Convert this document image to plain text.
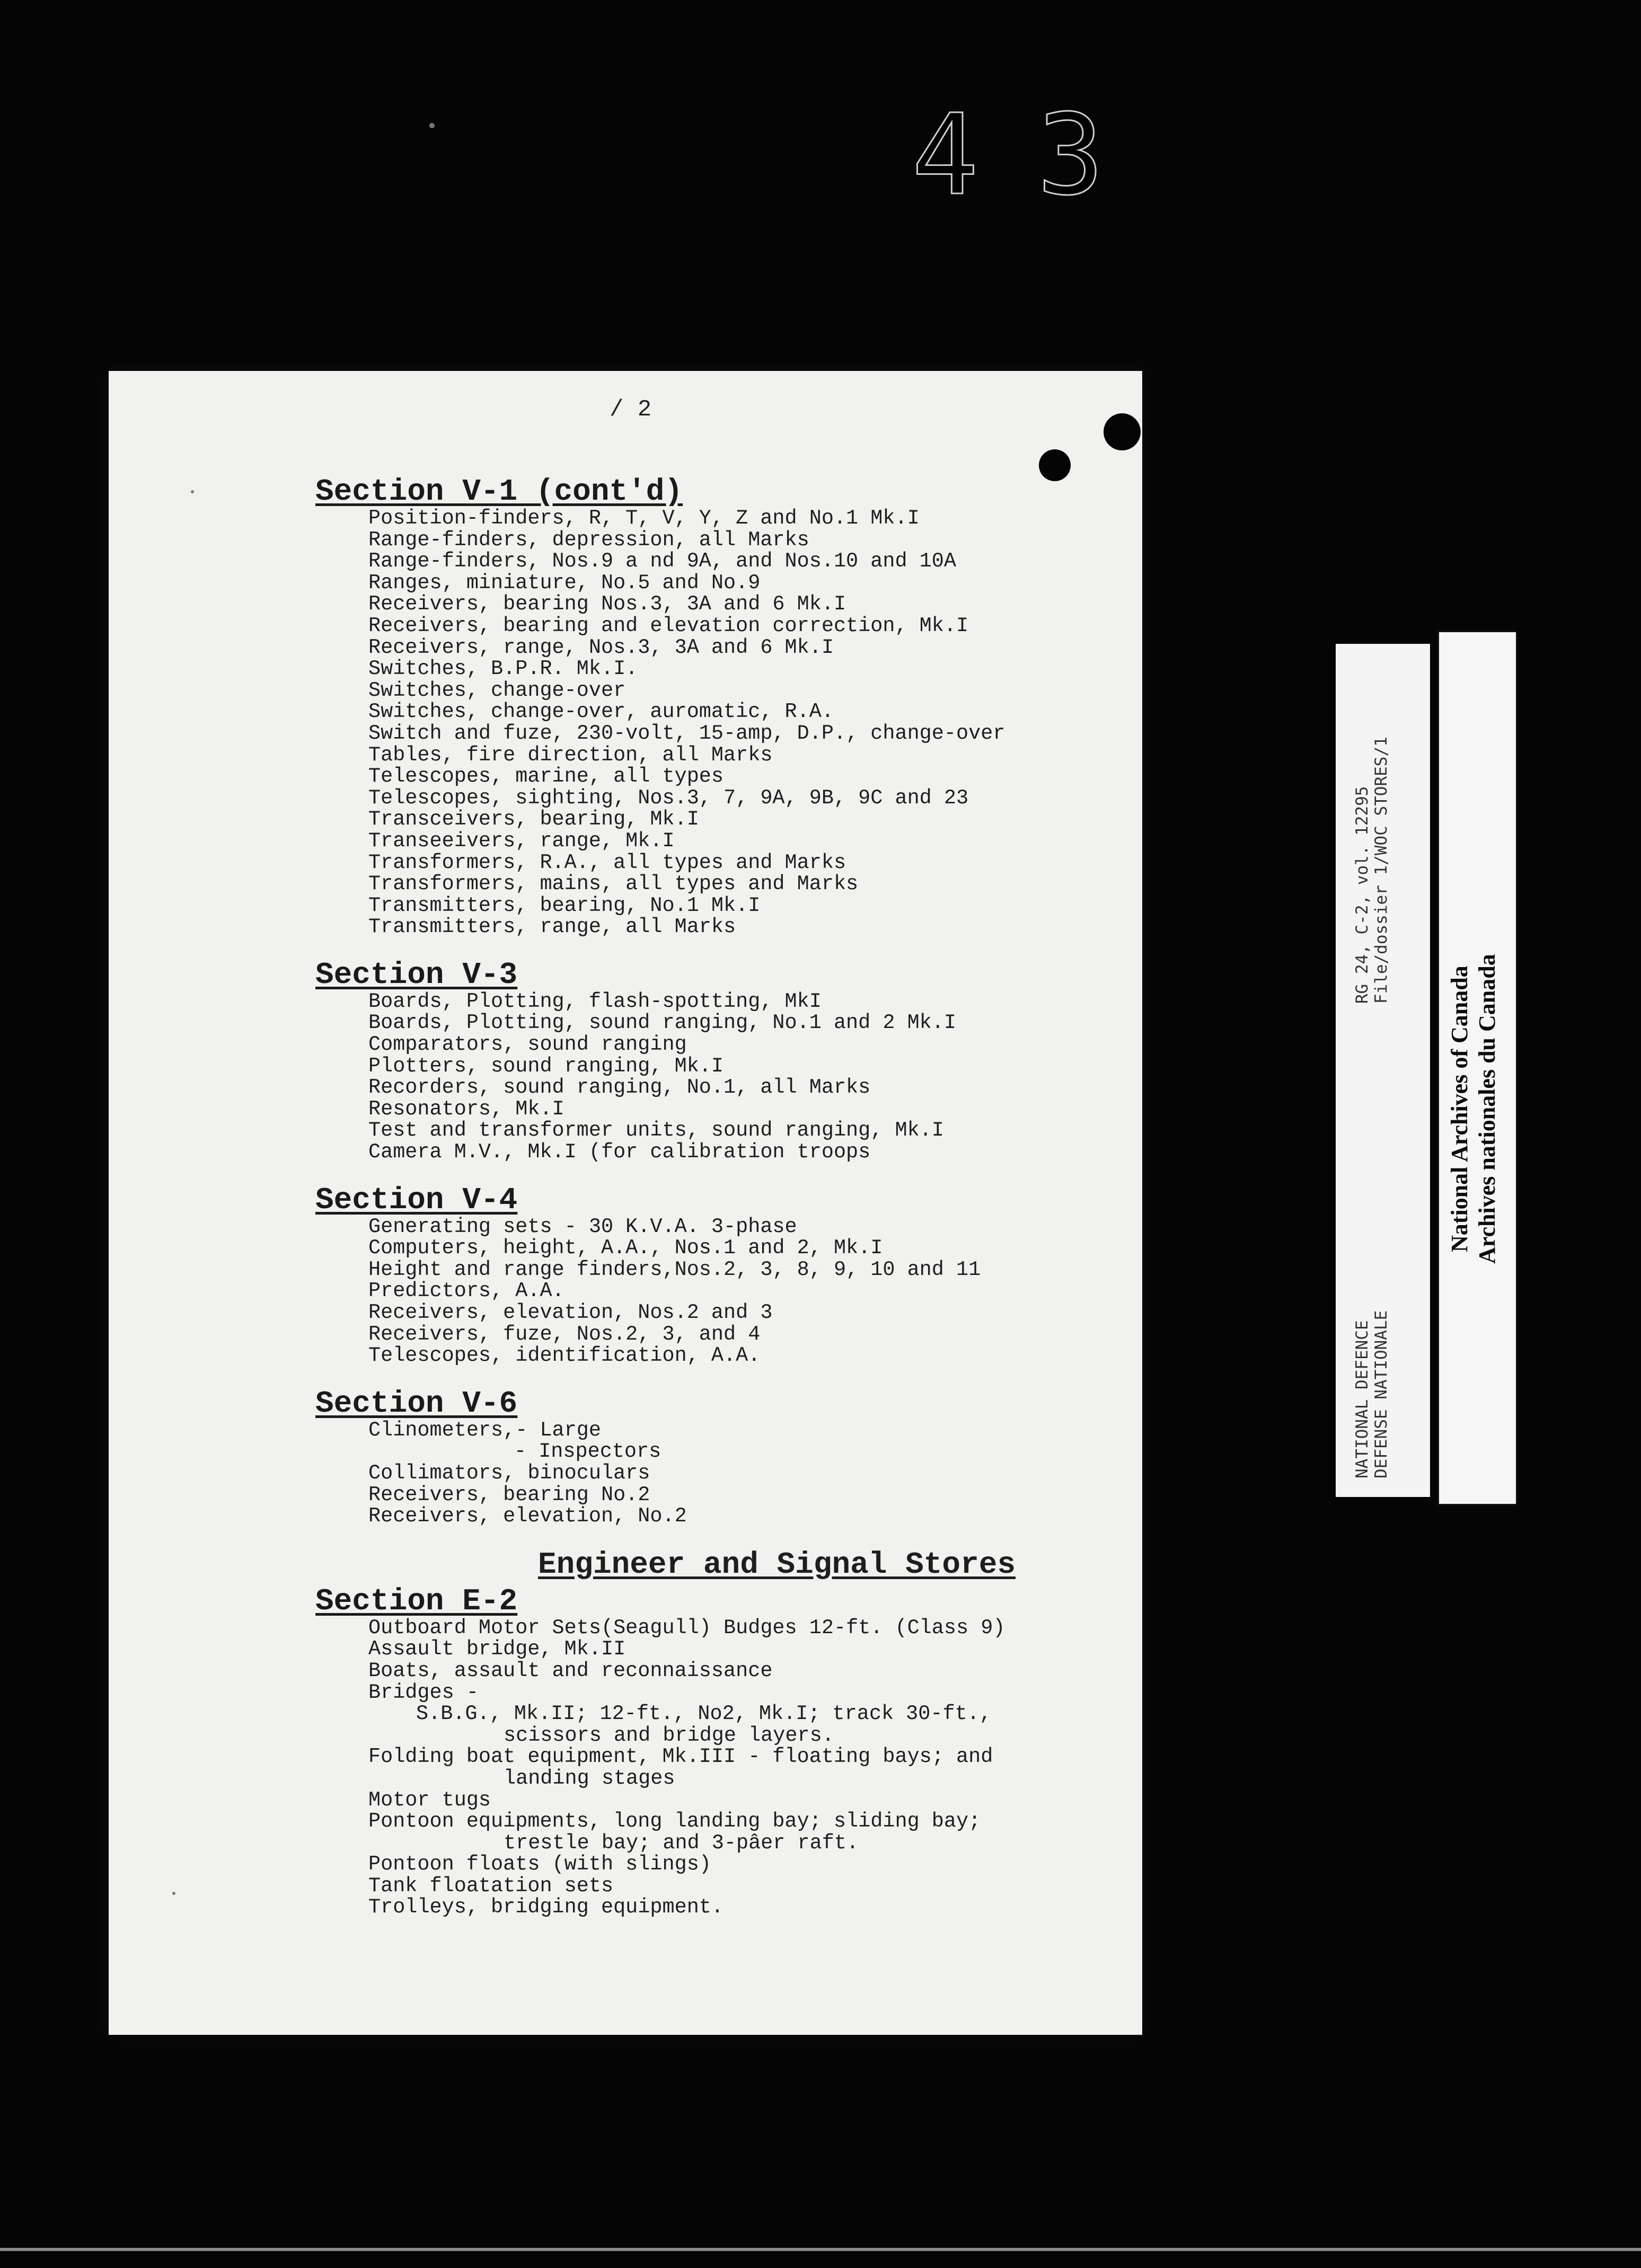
43
/ 2
Section V-1 (cont'd)
Position-finders, R, T, V, Y, Z and No.1 Mk.I
Range-finders, depression, all Marks
Range-finders, Nos.9 a nd 9A, and Nos.10 and 10A
Ranges, miniature, No.5 and No.9
Receivers, bearing Nos.3, 3A and 6 Mk.I
Receivers, bearing and elevation correction, Mk.I
Receivers, range, Nos.3, 3A and 6 Mk.I
Switches, B.P.R. Mk.I.
Switches, change-over
Switches, change-over, auromatic, R.A.
Switch and fuze, 230-volt, 15-amp, D.P., change-over
Tables, fire direction, all Marks
Telescopes, marine, all types
Telescopes, sighting, Nos.3, 7, 9A, 9B, 9C and 23
Transceivers, bearing, Mk.I
Transeeivers, range, Mk.I
Transformers, R.A., all types and Marks
Transformers, mains, all types and Marks
Transmitters, bearing, No.1 Mk.I
Transmitters, range, all Marks
Section V-3
Boards, Plotting, flash-spotting, MkI
Boards, Plotting, sound ranging, No.1 and 2 Mk.I
Comparators, sound ranging
Plotters, sound ranging, Mk.I
Recorders, sound ranging, No.1, all Marks
Resonators, Mk.I
Test and transformer units, sound ranging, Mk.I
Camera M.V., Mk.I (for calibration troops
Section V-4
Generating sets - 30 K.V.A. 3-phase
Computers, height, A.A., Nos.1 and 2, Mk.I
Height and range finders,Nos.2, 3, 8, 9, 10 and 11
Predictors, A.A.
Receivers, elevation, Nos.2 and 3
Receivers, fuze, Nos.2, 3, and 4
Telescopes, identification, A.A.
Section V-6
Clinometers,- Large
- Inspectors
Collimators, binoculars
Receivers, bearing No.2
Receivers, elevation, No.2
Engineer and Signal Stores
Section E-2
Outboard Motor Sets(Seagull) Budges 12-ft. (Class 9)
Assault bridge, Mk.II
Boats, assault and reconnaissance
Bridges -
S.B.G., Mk.II; 12-ft., No2, Mk.I; track 30-ft.,
scissors and bridge layers.
Folding boat equipment, Mk.III - floating bays; and
landing stages
Motor tugs
Pontoon equipments, long landing bay; sliding bay;
trestle bay; and 3-pâer raft.
Pontoon floats (with slings)
Tank floatation sets
Trolleys, bridging equipment.
NATIONAL DEFENCE                                RG 24, C-2, vol. 12295
DEFENSE NATIONALE                               File/dossier 1/WOC STORES/1
National Archives of Canada
Archives nationales du Canada
